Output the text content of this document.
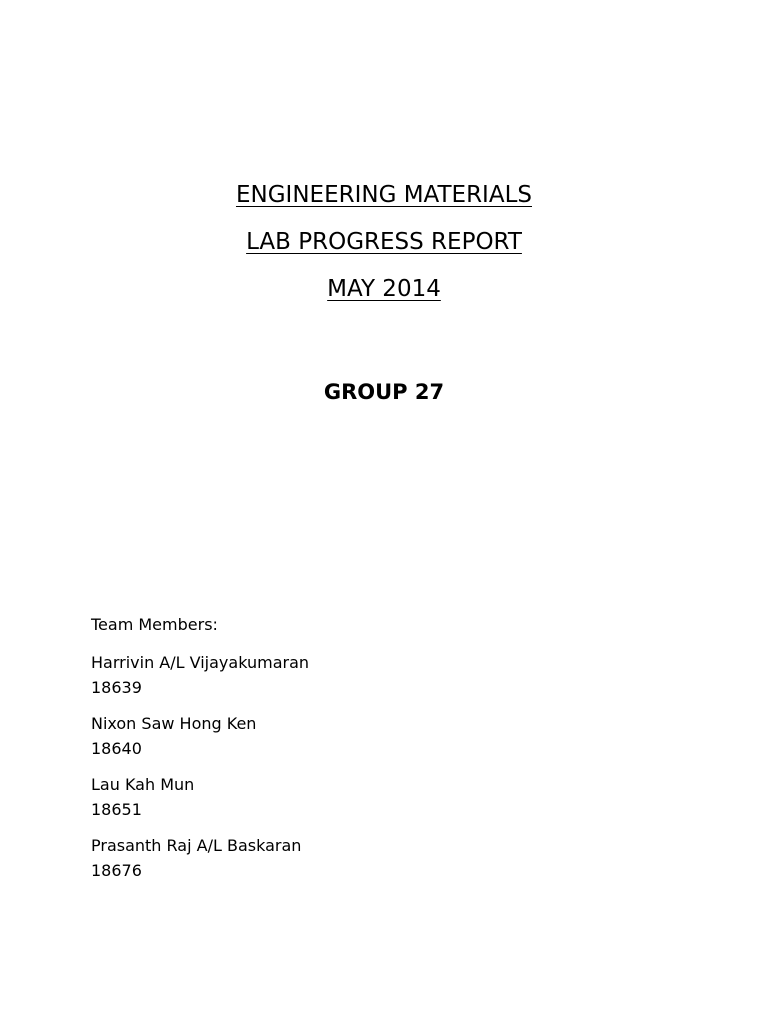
ENGINEERING MATERIALS
LAB PROGRESS REPORT
MAY 2014
GROUP 27
Team Members:
Harrivin A/L Vijayakumaran
18639
Nixon Saw Hong Ken
18640
Lau Kah Mun
18651
Prasanth Raj A/L Baskaran
18676
